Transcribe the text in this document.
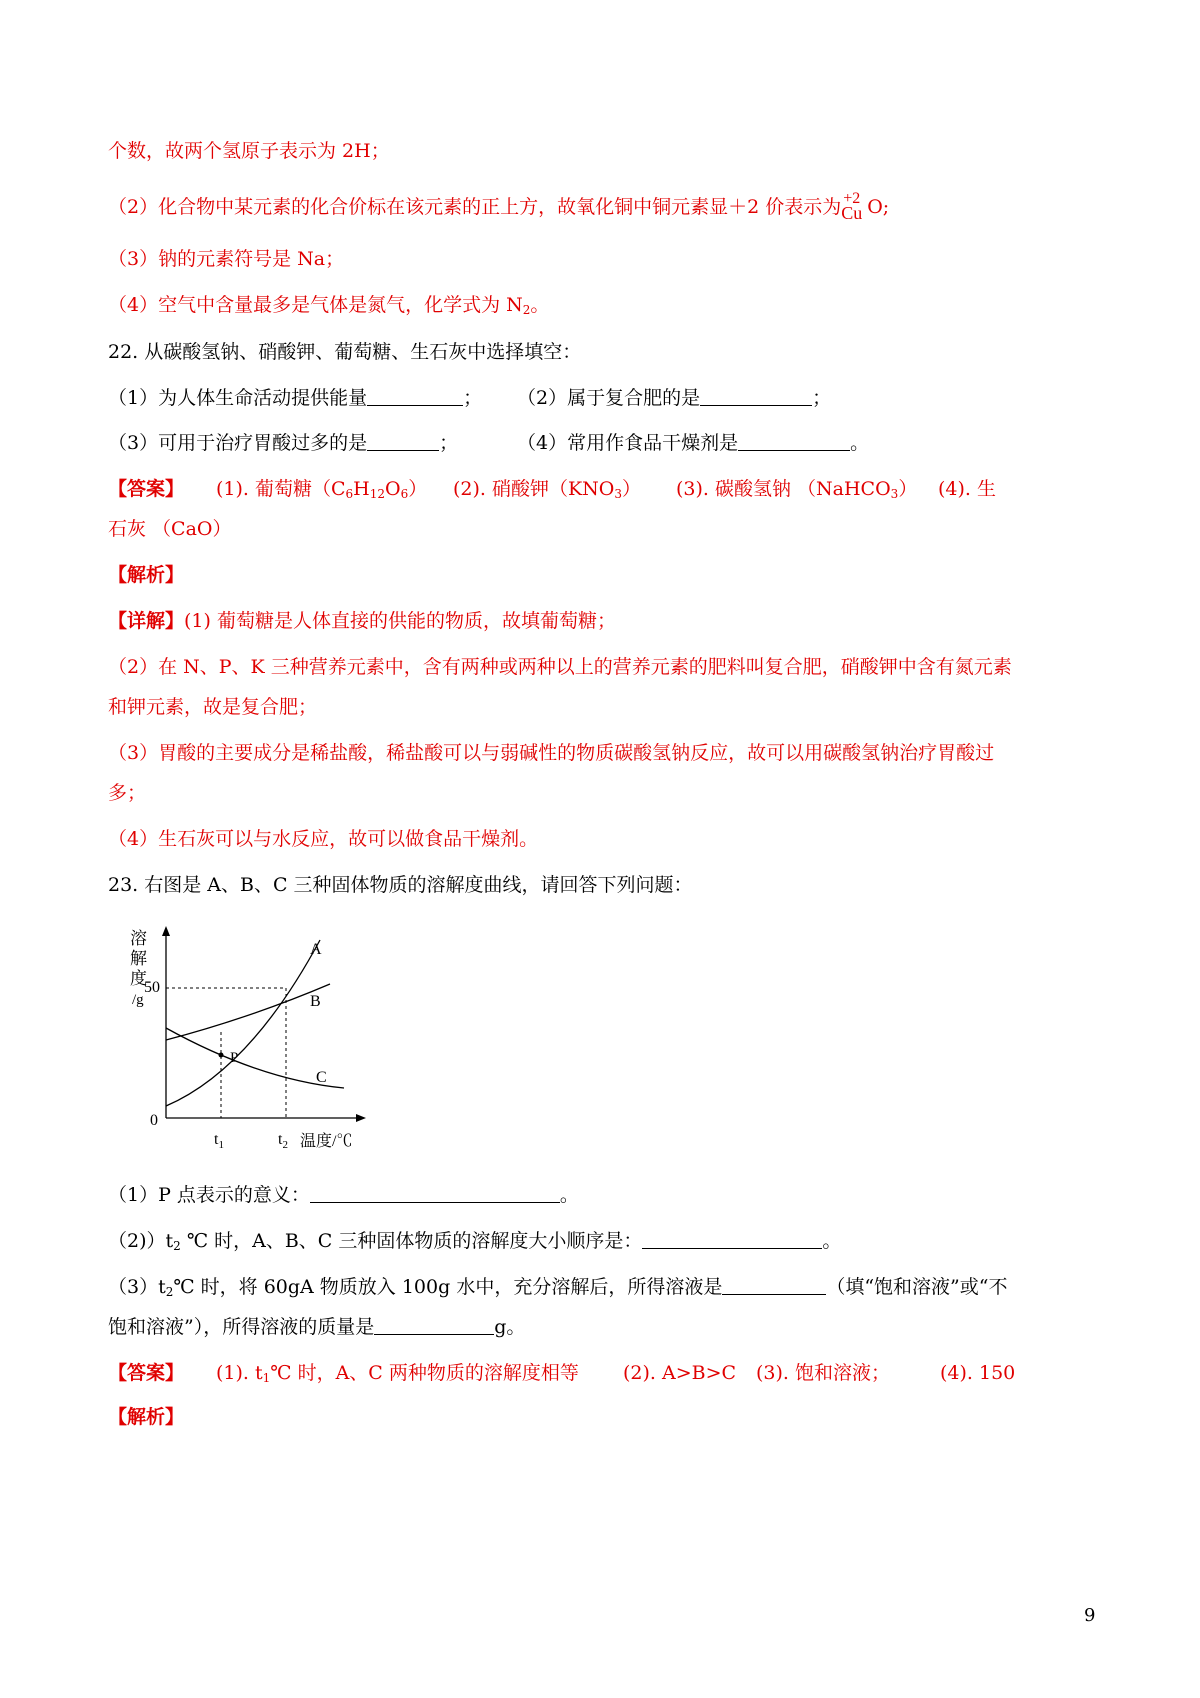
个数，故两个氢原子表示为 2H；
（2）化合物中某元素的化合价标在该元素的正上方，故氧化铜中铜元素显＋2 价表示为 +2
Cu O;
（3）钠的元素符号是 Na；
（4）空气中含量最多是气体是氮气，化学式为 $N_2$。
22. 从碳酸氢钠、硝酸钾、葡萄糖、生石灰中选择填空：
（1）为人体生命活动提供能量	； （2）属于复合肥的是	；
（3）可用于治疗胃酸过多的是	；	（4）常用作食品干燥剂是	。
【答案】 (1). 葡萄糖$(C_6H_{12}O_6)$ (2). 硝酸钾$(KNO_3)$ (3). 碳酸氢钠 （NaHCO$_3$） (4). 生
石灰 （CaO）
【解析】
【详解】(1) 葡萄糖是人体直接的供能的物质，故填葡萄糖；
（2）在 N、P、K 三种营养元素中，含有两种或两种以上的营养元素的肥料叫复合肥，硝酸钾中含有氮元素
和钾元素，故是复合肥；
（3）胃酸的主要成分是稀盐酸，稀盐酸可以与弱碱性的物质碳酸氢钠反应，故可以用碳酸氢钠治疗胃酸过
多；
（4）生石灰可以与水反应，故可以做食品干燥剂。
23. 右图是 A、B、C 三种固体物质的溶解度曲线，请回答下列问题：
溶
解
度
/g
50
0
A
B
C
P
$t_1$	$t_2$ 温度/℃
（1）P 点表示的意义：	。
$(2))t_2$ ℃ 时，A、B、C 三种固体物质的溶解度大小顺序是：	。
$(3)t_2℃$ 时，将 60gA 物质放入 100g 水中，充分溶解后，所得溶液是	（填“饱和溶液”或“不
饱和溶液”），所得溶液的质量是	g。
【答案】 (1). $t_1℃$ 时，A、C 两种物质的溶解度相等 (2). A>B>C (3). 饱和溶液；	(4). 150
【解析】
9
